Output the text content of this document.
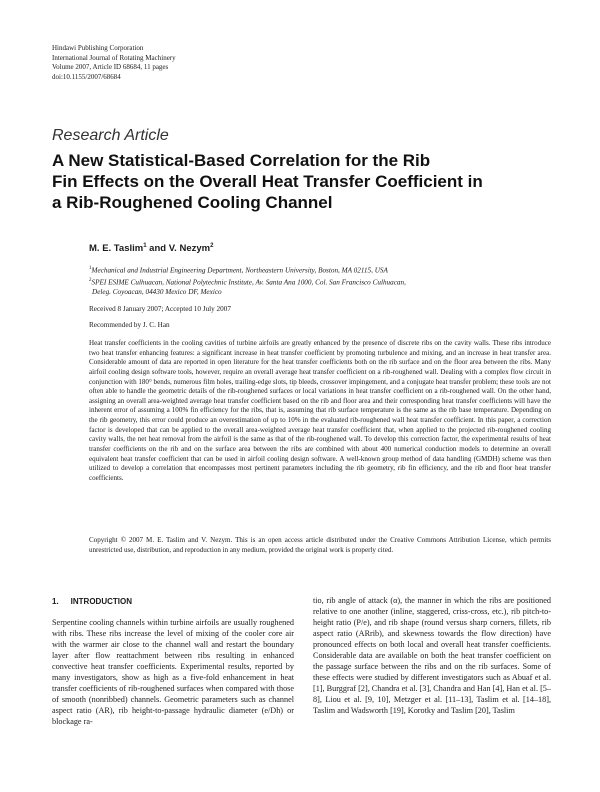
Hindawi Publishing Corporation
International Journal of Rotating Machinery
Volume 2007, Article ID 68684, 11 pages
doi:10.1155/2007/68684
Research Article
A New Statistical-Based Correlation for the Rib
Fin Effects on the Overall Heat Transfer Coefficient in
a Rib-Roughened Cooling Channel
M. E. Taslim$^1$ and V. Nezym$^2$
$^1$Mechanical and Industrial Engineering Department, Northeastern University, Boston, MA 02115, USA
$^2$SPEI ESIME Culhuacan, National Polytechnic Institute, Av. Santa Ana 1000, Col. San Francisco Culhuacan,
Deleg. Coyoacan, 04430 Mexico DF, Mexico
Received 8 January 2007; Accepted 10 July 2007
Recommended by J. C. Han
Heat transfer coefficients in the cooling cavities of turbine airfoils are greatly enhanced by the presence of discrete ribs on the cavity walls. These ribs introduce two heat transfer enhancing features: a significant increase in heat transfer coefficient by promoting turbulence and mixing, and an increase in heat transfer area. Considerable amount of data are reported in open literature for the heat transfer coefficients both on the rib surface and on the floor area between the ribs. Many airfoil cooling design software tools, however, require an overall average heat transfer coefficient on a rib-roughened wall. Dealing with a complex flow circuit in conjunction with 180° bends, numerous film holes, trailing-edge slots, tip bleeds, crossover impingement, and a conjugate heat transfer problem; these tools are not often able to handle the geometric details of the rib-roughened surfaces or local variations in heat transfer coefficient on a rib-roughened wall. On the other hand, assigning an overall area-weighted average heat transfer coefficient based on the rib and floor area and their corresponding heat transfer coefficients will have the inherent error of assuming a 100% fin efficiency for the ribs, that is, assuming that rib surface temperature is the same as the rib base temperature. Depending on the rib geometry, this error could produce an overestimation of up to 10% in the evaluated rib-roughened wall heat transfer coefficient. In this paper, a correction factor is developed that can be applied to the overall area-weighted average heat transfer coefficient that, when applied to the projected rib-roughened cooling cavity walls, the net heat removal from the airfoil is the same as that of the rib-roughened wall. To develop this correction factor, the experimental results of heat transfer coefficients on the rib and on the surface area between the ribs are combined with about 400 numerical conduction models to determine an overall equivalent heat transfer coefficient that can be used in airfoil cooling design software. A well-known group method of data handling (GMDH) scheme was then utilized to develop a correlation that encompasses most pertinent parameters including the rib geometry, rib fin efficiency, and the rib and floor heat transfer coefficients.
Copyright © 2007 M. E. Taslim and V. Nezym. This is an open access article distributed under the Creative Commons Attribution License, which permits unrestricted use, distribution, and reproduction in any medium, provided the original work is properly cited.
1. INTRODUCTION
Serpentine cooling channels within turbine airfoils are usually roughened with ribs. These ribs increase the level of mixing of the cooler core air with the warmer air close to the channel wall and restart the boundary layer after flow reattachment between ribs resulting in enhanced convective heat transfer coefficients. Experimental results, reported by many investigators, show as high as a five-fold enhancement in heat transfer coefficients of rib-roughened surfaces when compared with those of smooth (nonribbed) channels. Geometric parameters such as channel aspect ratio (AR), rib height-to-passage hydraulic diameter (e/Dh) or blockage ra-
tio, rib angle of attack (α), the manner in which the ribs are positioned relative to one another (inline, staggered, criss-cross, etc.), rib pitch-to-height ratio (P/e), and rib shape (round versus sharp corners, fillets, rib aspect ratio (ARrib), and skewness towards the flow direction) have pronounced effects on both local and overall heat transfer coefficients. Considerable data are available on both the heat transfer coefficient on the passage surface between the ribs and on the rib surfaces. Some of these effects were studied by different investigators such as Abuaf et al. [1], Burggraf [2], Chandra et al. [3], Chandra and Han [4], Han et al. [5–8], Liou et al. [9, 10], Metzger et al. [11–13], Taslim et al. [14–18], Taslim and Wadsworth [19], Korotky and Taslim [20], Taslim
